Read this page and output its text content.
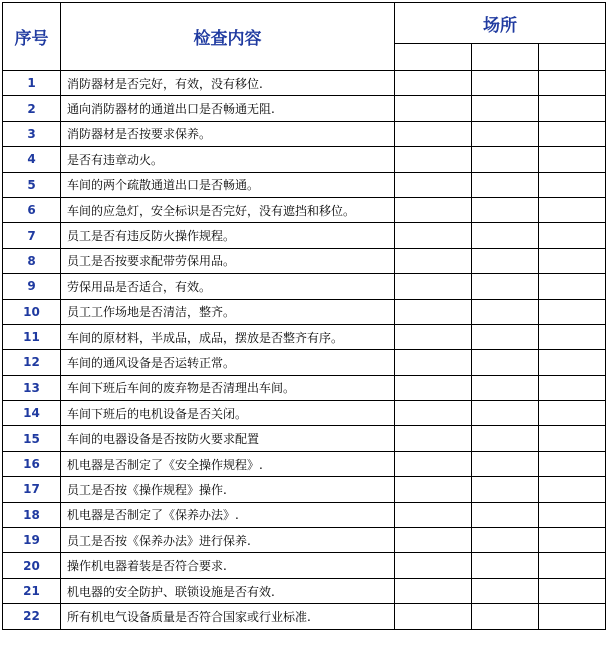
序号	检查内容	场所		

1	消防器材是否完好，有效，没有移位.			
2	通向消防器材的通道出口是否畅通无阻.			
3	消防器材是否按要求保养。			
4	是否有违章动火。			
5	车间的两个疏散通道出口是否畅通。			
6	车间的应急灯，安全标识是否完好，没有遮挡和移位。			
7	员工是否有违反防火操作规程。			
8	员工是否按要求配带劳保用品。			
9	劳保用品是否适合，有效。			
10	员工工作场地是否清洁，整齐。			
11	车间的原材料，半成品，成品，摆放是否整齐有序。			
12	车间的通风设备是否运转正常。			
13	车间下班后车间的废弃物是否清理出车间。			
14	车间下班后的电机设备是否关闭。			
15	车间的电器设备是否按防火要求配置			
16	机电器是否制定了《安全操作规程》.			
17	员工是否按《操作规程》操作.			
18	机电器是否制定了《保养办法》.			
19	员工是否按《保养办法》进行保养.			
20	操作机电器着装是否符合要求.			
21	机电器的安全防护、联锁设施是否有效.			
22	所有机电气设备质量是否符合国家或行业标准.			
